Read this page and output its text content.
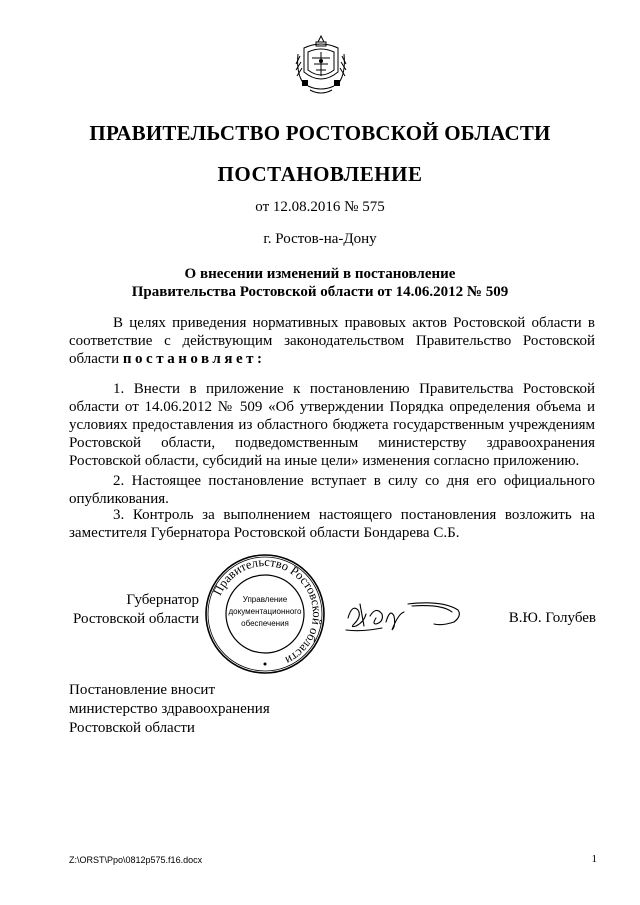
ПРАВИТЕЛЬСТВО РОСТОВСКОЙ ОБЛАСТИ
ПОСТАНОВЛЕНИЕ
от 12.08.2016 № 575
г. Ростов-на-Дону
О внесении изменений в постановление
Правительства Ростовской области от 14.06.2012 № 509
В целях приведения нормативных правовых актов Ростовской области в соответствие с действующим законодательством Правительство Ростовской области постановляет:
1. Внести в приложение к постановлению Правительства Ростовской области от 14.06.2012 № 509 «Об утверждении Порядка определения объема и условиях предоставления из областного бюджета государственным учреждениям Ростовской области, подведомственным министерству здравоохранения Ростовской области, субсидий на иные цели» изменения согласно приложению.
2. Настоящее постановление вступает в силу со дня его официального опубликования.
3. Контроль за выполнением настоящего постановления возложить на заместителя Губернатора Ростовской области Бондарева С.Б.
Губернатор
Ростовской области
Правительство Ростовской области
Управление
документационного
обеспечения	В.Ю. Голубев
Постановление вносит
министерство здравоохранения
Ростовской области
Z:\ORST\Ppo\0812p575.f16.docx	1
